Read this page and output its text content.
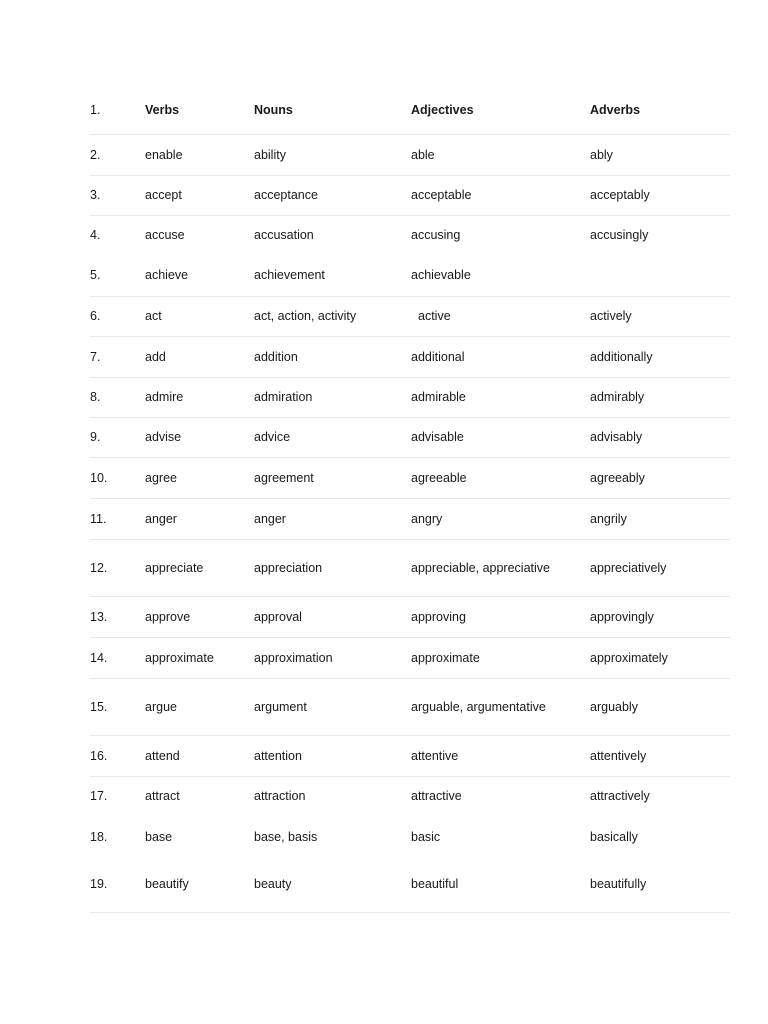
1.	Verbs	Nouns	Adjectives	Adverbs
2.	enable	ability	able	ably
3.	accept	acceptance	acceptable	acceptably
4.	accuse	accusation	accusing	accusingly
5.	achieve	achievement	achievable	
6.	act	act, action, activity	active	actively
7.	add	addition	additional	additionally
8.	admire	admiration	admirable	admirably
9.	advise	advice	advisable	advisably
10.	agree	agreement	agreeable	agreeably
11.	anger	anger	angry	angrily
12.	appreciate	appreciation	appreciable, appreciative	appreciatively
13.	approve	approval	approving	approvingly
14.	approximate	approximation	approximate	approximately
15.	argue	argument	arguable, argumentative	arguably
16.	attend	attention	attentive	attentively
17.	attract	attraction	attractive	attractively
18.	base	base, basis	basic	basically
19.	beautify	beauty	beautiful	beautifully
